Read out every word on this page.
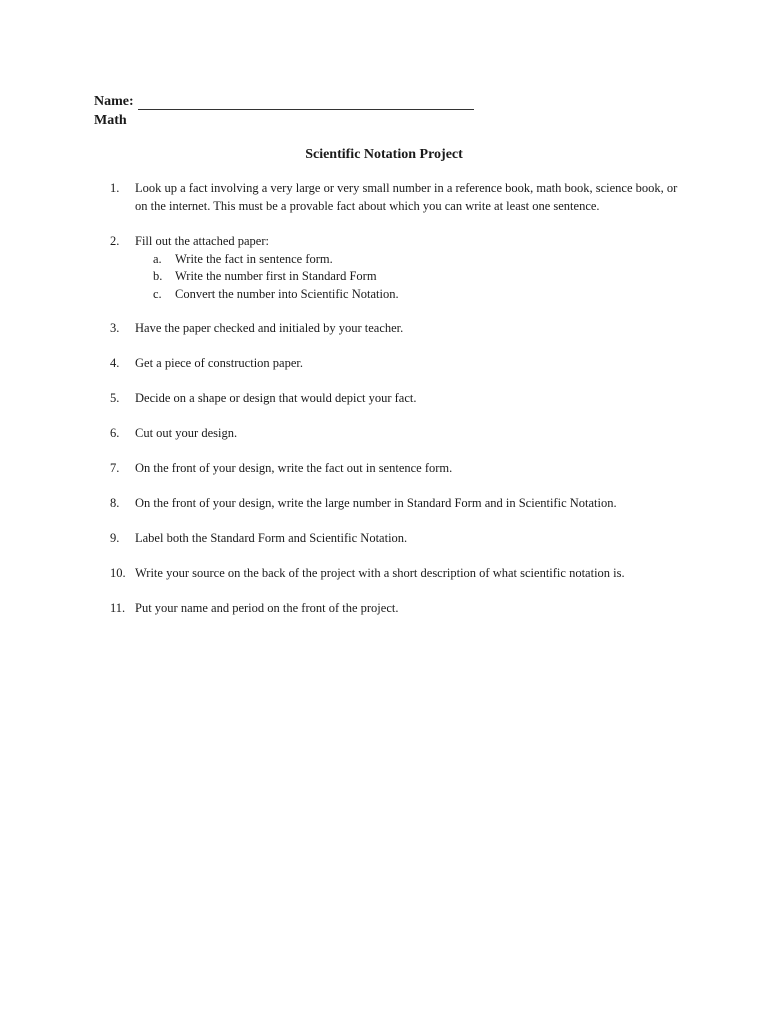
Name:
Math
Scientific Notation Project
1.	Look up a fact involving a very large or very small number in a reference book, math book, science book, or on the internet. This must be a provable fact about which you can write at least one sentence.
2.	Fill out the attached paper:
a.	Write the fact in sentence form.
b.	Write the number first in Standard Form
c.	Convert the number into Scientific Notation.
3.	Have the paper checked and initialed by your teacher.
4.	Get a piece of construction paper.
5.	Decide on a shape or design that would depict your fact.
6.	Cut out your design.
7.	On the front of your design, write the fact out in sentence form.
8.	On the front of your design, write the large number in Standard Form and in Scientific Notation.
9.	Label both the Standard Form and Scientific Notation.
10. Write your source on the back of the project with a short description of what scientific notation is.
11. Put your name and period on the front of the project.
